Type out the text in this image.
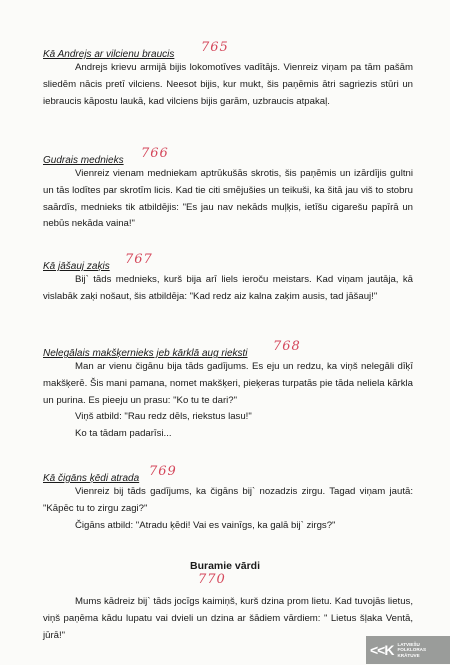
Kā Andrejs ar vilcienu braucis 765

Andrejs krievu armijā bijis lokomotīves vadītājs. Vienreiz viņam pa tām pašām sliedēm nācis pretī vilciens. Neesot bijis, kur mukt, šis paņēmis ātri sagriezis stūri un iebraucis kāpostu laukā, kad vilciens bijis garām, uzbraucis atpakaļ.

Gudrais mednieks 766

Vienreiz vienam medniekam aptrūkušās skrotis, šis paņēmis un izārdījis gultni un tās lodītes par skrotīm licis. Kad tie citi smējušies un teikuši, ka šitā jau viš to stobru saārdīs, mednieks tik atbildējis: "Es jau nav nekāds muļķis, ietīšu cigarešu papīrā un nebūs nekāda vaina!"

Kā jāšauj zaķis 767

Bij` tāds mednieks, kurš bija arī liels ieroču meistars. Kad viņam jautāja, kā vislabāk zaķi nošaut, šis atbildēja: "Kad redz aiz kalna zaķim ausis, tad jāšauj!"

Nelegālais makšķernieks jeb kārklā aug rieksti 768

Man ar vienu čigānu bija tāds gadījums. Es eju un redzu, ka viņš nelegāli dīķī makšķerē. Šis mani pamana, nomet makšķeri, pieķeras turpatās pie tāda neliela kārkla un purina. Es pieeju un prasu: "Ko tu te dari?"

Viņš atbild: "Rau redz dēls, riekstus lasu!"

Ko ta tādam padarīsi...

Kā čigāns ķēdi atrada 769

Vienreiz bij tāds gadījums, ka čigāns bij` nozadzis zirgu. Tagad viņam jautā: "Kāpēc tu to zirgu zagi?"

Čigāns atbild: "Atradu ķēdi! Vai es vainīgs, ka galā bij` zirgs?"

Buramie vārdi
770

Mums kādreiz bij` tāds jocīgs kaimiņš, kurš dzina prom lietu. Kad tuvojās lietus, viņš paņēma kādu lupatu vai dvieli un dzina ar šādiem vārdiem: " Lietus šļaka Ventā, jūrā!"

<<K LATVIEŠU
FOLKLORAS
KRĀTUVE
